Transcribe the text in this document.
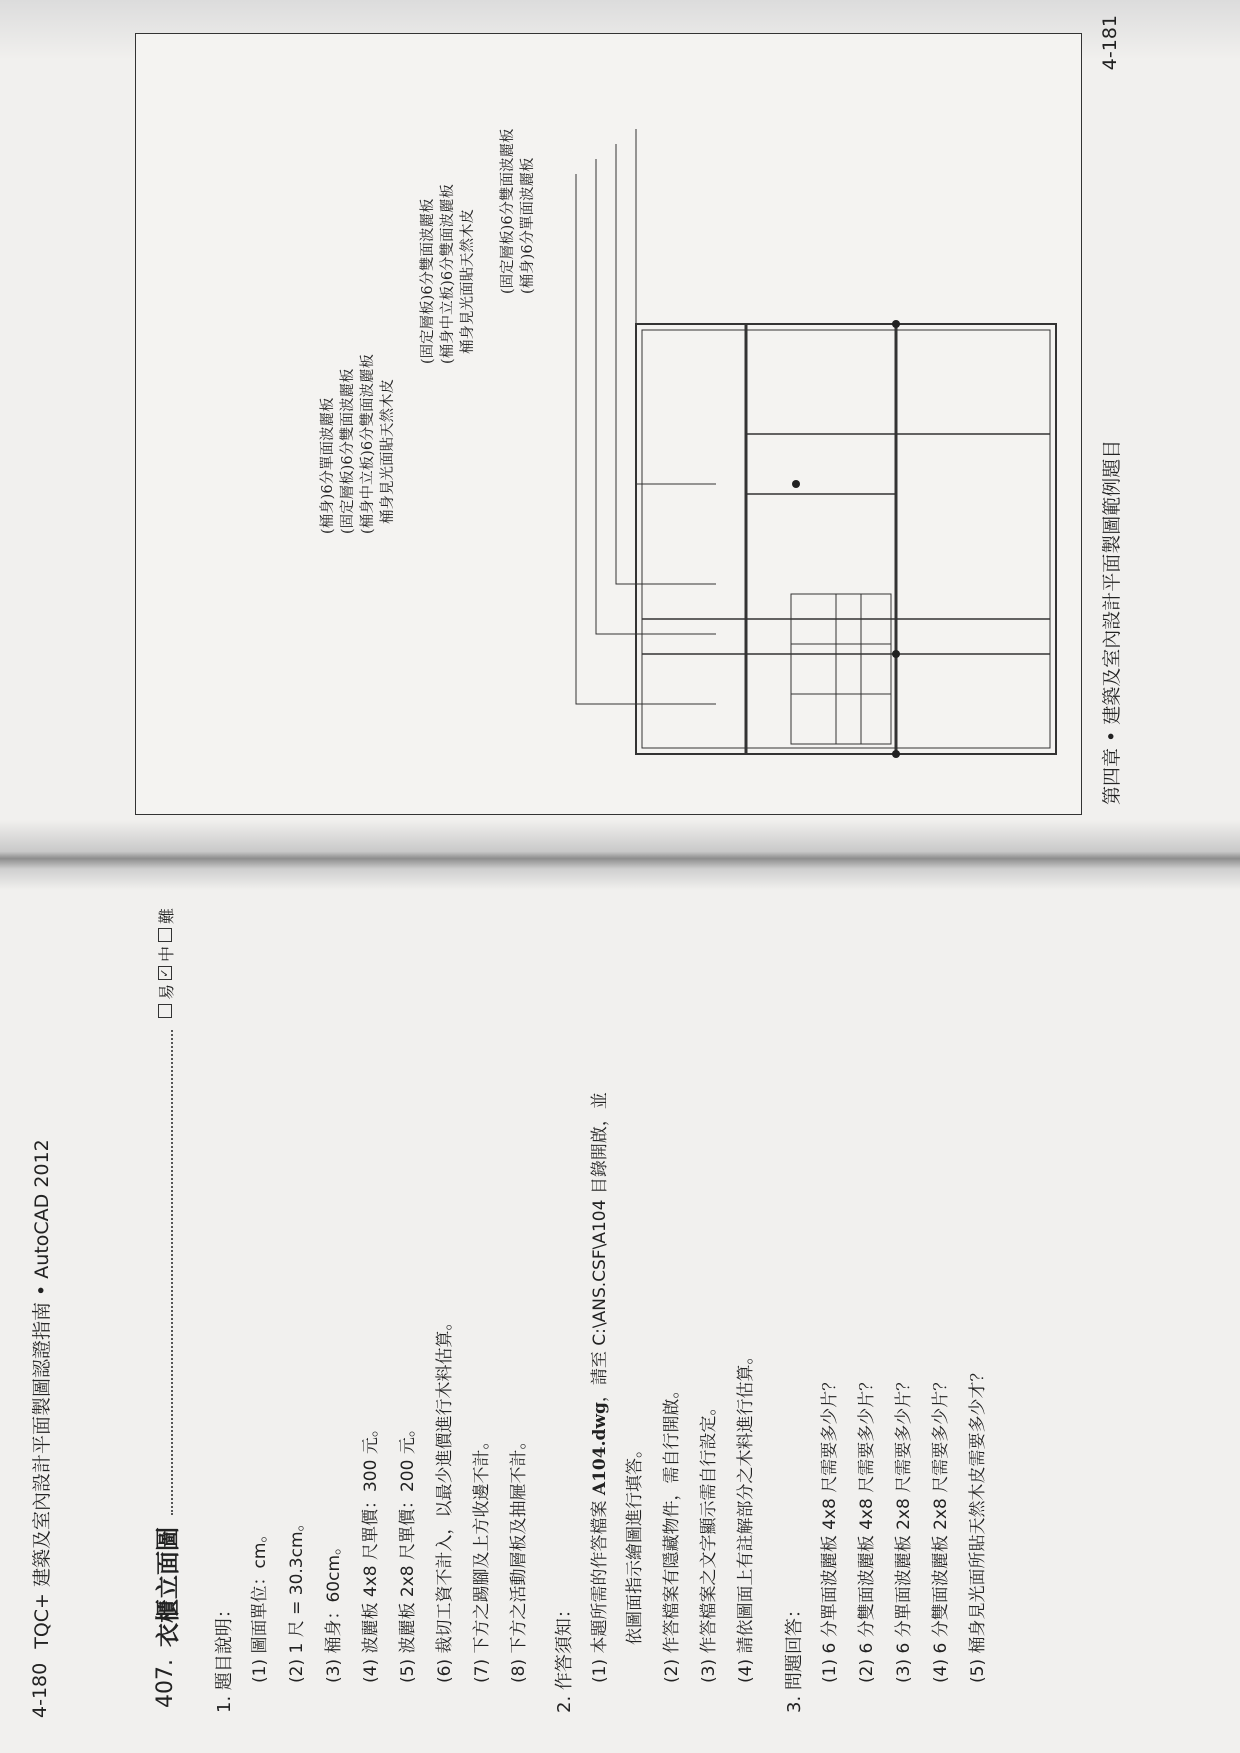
第四章 • 建築及室內設計平面製圖範例題目
4-181
(桶身)6分單面波麗板 (固定層板)6分雙面波麗板 (桶身中立板)6分雙面波麗板 桶身見光面貼天然木皮
(固定層板)6分雙面波麗板 (桶身中立板)6分雙面波麗板 桶身見光面貼天然木皮 (固定層板)6分雙面波麗板 (桶身)6分單面波麗板
4-180
TQC+ 建築及室內設計平面製圖認證指南 • AutoCAD 2012
407.
衣櫃立面圖
易
✓
中
難
1. 題目說明： (1) 圖面單位：cm。 (2) 1 尺 = 30.3cm。 (3) 桶身：60cm。 (4) 波麗板 4x8 尺單價：300 元。 (5) 波麗板 2x8 尺單價：200 元。 (6) 裁切工資不計入，以最少進價進行木料估算。 (7) 下方之踢腳及上方收邊不計。 (8) 下方之活動層板及抽屜不計。 2. 作答須知： (1) 本題所需的作答檔案 A104.dwg，請至 C:\ANS.CSF\A104 目錄開啟，並
依圖面指示繪圖進行填答。 (2) 作答檔案有隱藏物件，需自行開啟。 (3) 作答檔案之文字顯示需自行設定。 (4) 請依圖面上有註解部分之木料進行估算。 3. 問題回答： (1) 6 分單面波麗板 4x8 尺需要多少片？ (2) 6 分雙面波麗板 4x8 尺需要多少片？ (3) 6 分單面波麗板 2x8 尺需要多少片？ (4) 6 分雙面波麗板 2x8 尺需要多少片？ (5) 桶身見光面所貼天然木皮需要多少才？
